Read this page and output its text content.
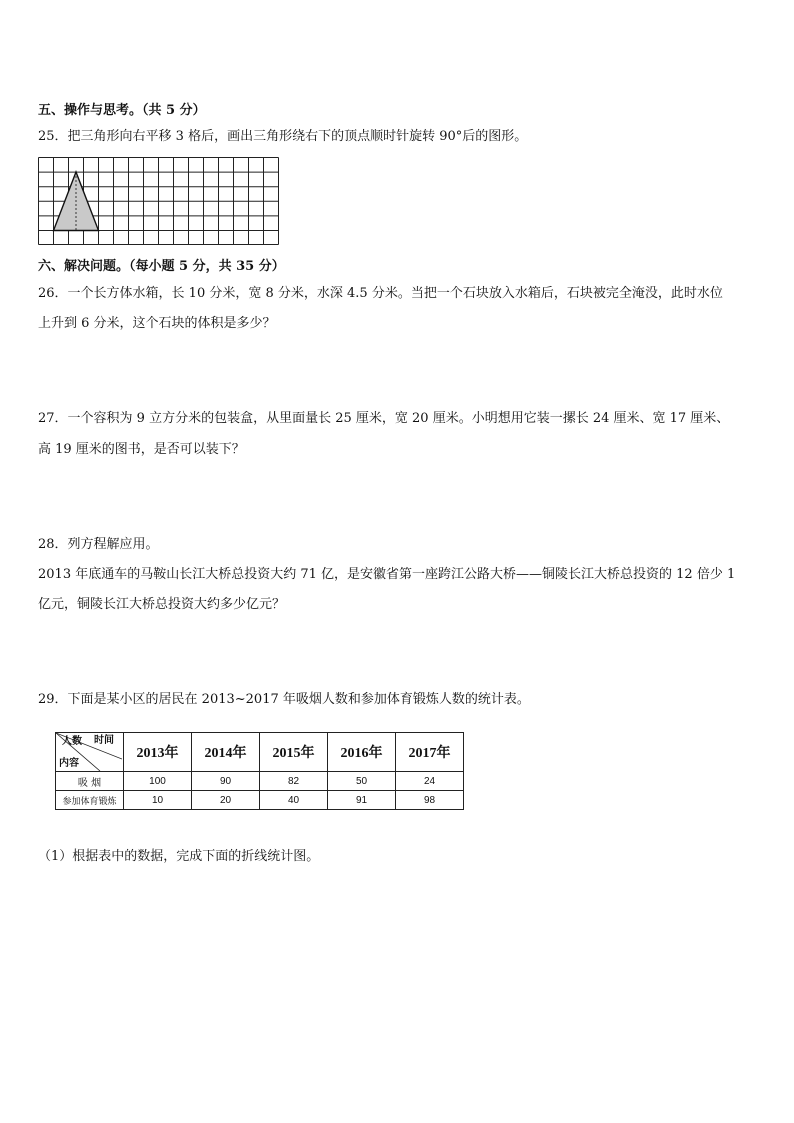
五、操作与思考。（共 5 分）
25．把三角形向右平移 3 格后，画出三角形绕右下的顶点顺时针旋转 90°后的图形。
六、解决问题。（每小题 5 分，共 35 分）
26．一个长方体水箱，长 10 分米，宽 8 分米，水深 4.5 分米。当把一个石块放入水箱后，石块被完全淹没，此时水位
上升到 6 分米，这个石块的体积是多少？
27．一个容积为 9 立方分米的包装盒，从里面量长 25 厘米，宽 20 厘米。小明想用它装一摞长 24 厘米、宽 17 厘米、
高 19 厘米的图书，是否可以装下？
28．列方程解应用。
2013 年底通车的马鞍山长江大桥总投资大约 71 亿，是安徽省第一座跨江公路大桥——铜陵长江大桥总投资的 12 倍少 1
亿元，铜陵长江大桥总投资大约多少亿元？
29．下面是某小区的居民在 2013~2017 年吸烟人数和参加体育锻炼人数的统计表。
时间
人数
内容	2013年	2014年	2015年	2016年	2017年
吸 烟	100	90	82	50	24
参加体育锻炼	10	20	40	91	98
（1）根据表中的数据，完成下面的折线统计图。
